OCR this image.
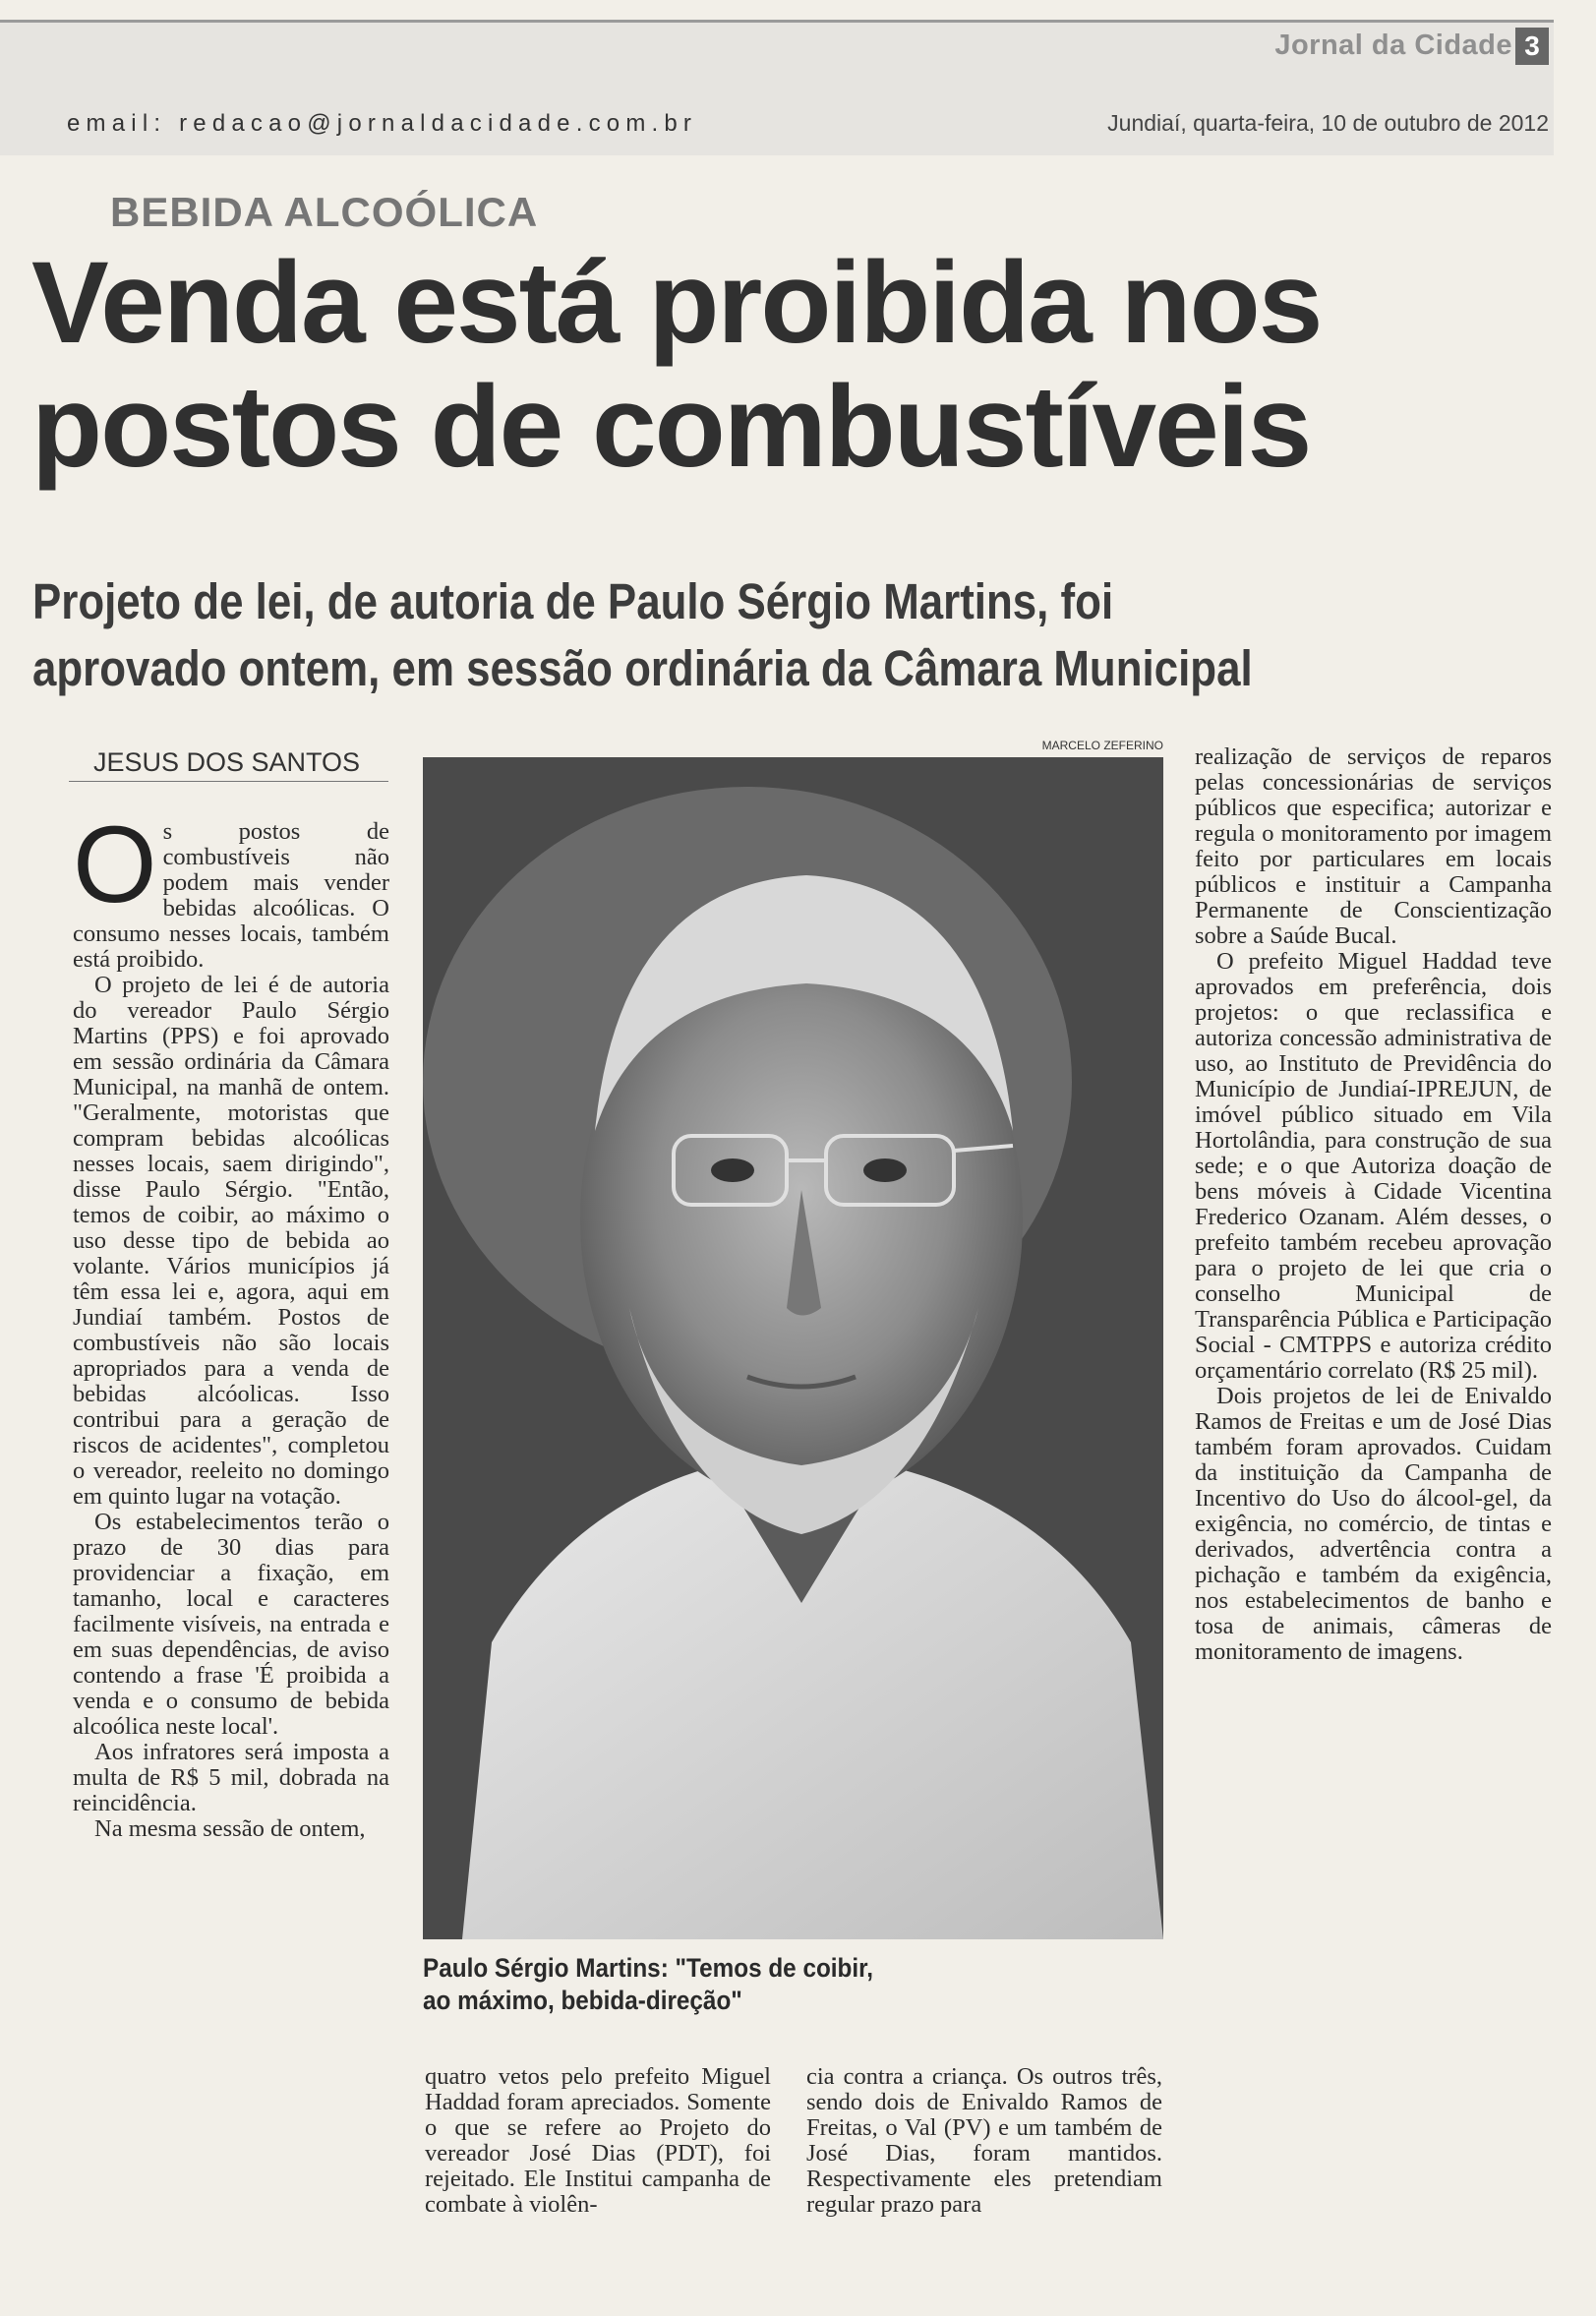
Jornal da Cidade 3
email: redacao@jornaldacidade.com.br	Jundiaí, quarta-feira, 10 de outubro de 2012
BEBIDA ALCOÓLICA
Venda está proibida nos
postos de combustíveis
Projeto de lei, de autoria de Paulo Sérgio Martins, foi
aprovado ontem, em sessão ordinária da Câmara Municipal
JESUS DOS SANTOS

Os postos de combustíveis não podem mais vender bebidas alcoólicas. O consumo nesses locais, também está proibido.

O projeto de lei é de autoria do vereador Paulo Sérgio Martins (PPS) e foi aprovado em sessão ordinária da Câmara Municipal, na manhã de ontem. "Geralmente, motoristas que compram bebidas alcoólicas nesses locais, saem dirigindo", disse Paulo Sérgio. "Então, temos de coibir, ao máximo o uso desse tipo de bebida ao volante. Vários municípios já têm essa lei e, agora, aqui em Jundiaí também. Postos de combustíveis não são locais apropriados para a venda de bebidas alcóolicas. Isso contribui para a geração de riscos de acidentes", completou o vereador, reeleito no domingo em quinto lugar na votação.

Os estabelecimentos terão o prazo de 30 dias para providenciar a fixação, em tamanho, local e caracteres facilmente visíveis, na entrada e em suas dependências, de aviso contendo a frase 'É proibida a venda e o consumo de bebida alcoólica neste local'.

Aos infratores será imposta a multa de R$ 5 mil, dobrada na reincidência.

Na mesma sessão de ontem,

MARCELO ZEFERINO
Paulo Sérgio Martins: "Temos de coibir, ao máximo, bebida-direção"

quatro vetos pelo prefeito Miguel Haddad foram apreciados. Somente o que se refere ao Projeto do vereador José Dias (PDT), foi rejeitado. Ele Institui campanha de combate à violên-

cia contra a criança. Os outros três, sendo dois de Enivaldo Ramos de Freitas, o Val (PV) e um também de José Dias, foram mantidos. Respectivamente eles pretendiam regular prazo para

realização de serviços de reparos pelas concessionárias de serviços públicos que especifica; autorizar e regula o monitoramento por imagem feito por particulares em locais públicos e instituir a Campanha Permanente de Conscientização sobre a Saúde Bucal.

O prefeito Miguel Haddad teve aprovados em preferência, dois projetos: o que reclassifica e autoriza concessão administrativa de uso, ao Instituto de Previdência do Município de Jundiaí-IPREJUN, de imóvel público situado em Vila Hortolândia, para construção de sua sede; e o que Autoriza doação de bens móveis à Cidade Vicentina Frederico Ozanam. Além desses, o prefeito também recebeu aprovação para o projeto de lei que cria o conselho Municipal de Transparência Pública e Participação Social - CMTPPS e autoriza crédito orçamentário correlato (R$ 25 mil).

Dois projetos de lei de Enivaldo Ramos de Freitas e um de José Dias também foram aprovados. Cuidam da instituição da Campanha de Incentivo do Uso do álcool-gel, da exigência, no comércio, de tintas e derivados, advertência contra a pichação e também da exigência, nos estabelecimentos de banho e tosa de animais, câmeras de monitoramento de imagens.
